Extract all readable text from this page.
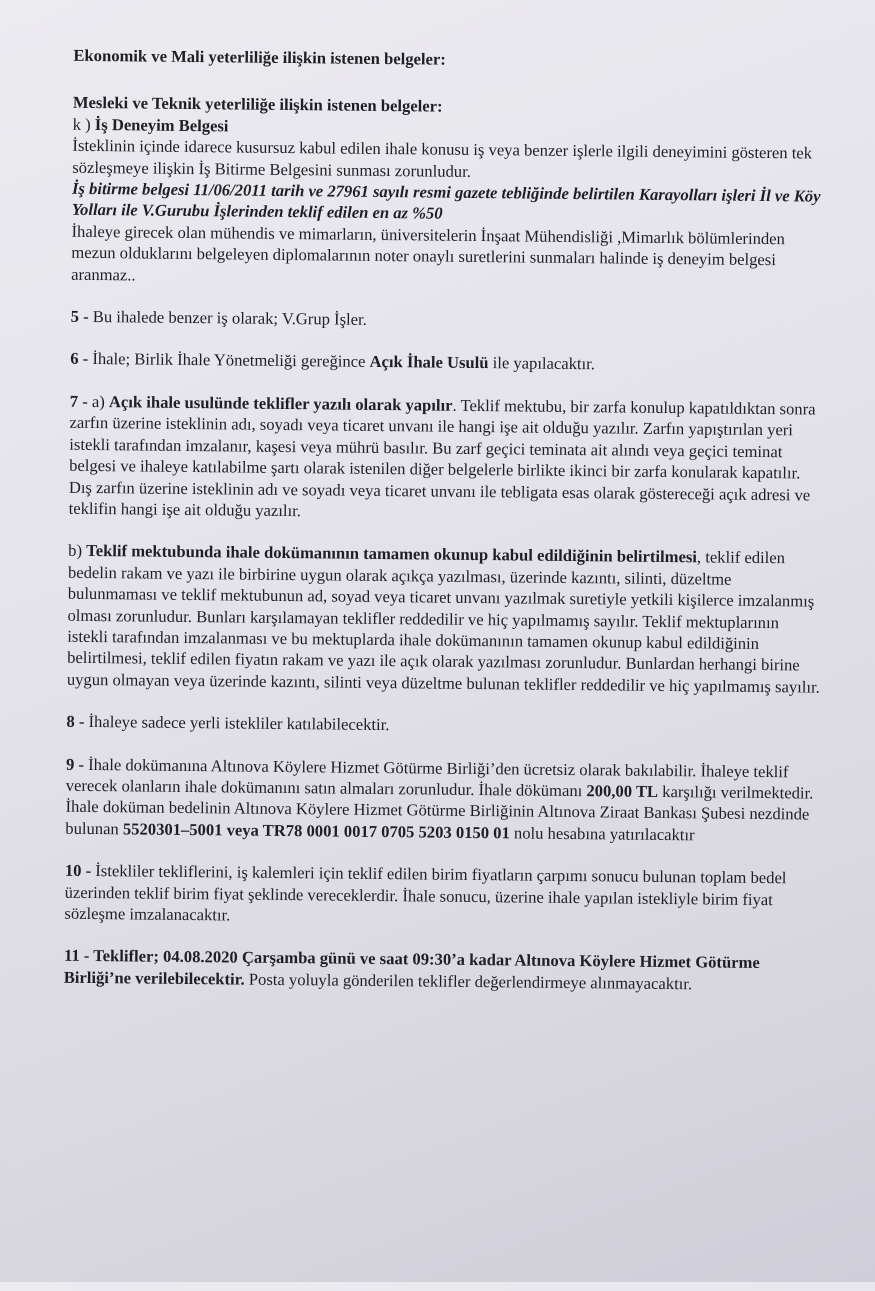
Ekonomik ve Mali yeterliliğe ilişkin istenen belgeler:

Mesleki ve Teknik yeterliliğe ilişkin istenen belgeler:

k ) İş Deneyim Belgesi

İsteklinin içinde idarece kusursuz kabul edilen ihale konusu iş veya benzer işlerle ilgili deneyimini gösteren tek sözleşmeye ilişkin İş Bitirme Belgesini sunması zorunludur.

İş bitirme belgesi 11/06/2011 tarih ve 27961 sayılı resmi gazete tebliğinde belirtilen Karayolları işleri İl ve Köy Yolları ile V.Gurubu İşlerinden teklif edilen en az %50

İhaleye girecek olan mühendis ve mimarların, üniversitelerin İnşaat Mühendisliği ,Mimarlık bölümlerinden mezun olduklarını belgeleyen diplomalarının noter onaylı suretlerini sunmaları halinde iş deneyim belgesi aranmaz..

5 - Bu ihalede benzer iş olarak; V.Grup İşler.

6 - İhale; Birlik İhale Yönetmeliği gereğince Açık İhale Usulü ile yapılacaktır.

7 - a) Açık ihale usulünde teklifler yazılı olarak yapılır. Teklif mektubu, bir zarfa konulup kapatıldıktan sonra zarfın üzerine isteklinin adı, soyadı veya ticaret unvanı ile hangi işe ait olduğu yazılır. Zarfın yapıştırılan yeri istekli tarafından imzalanır, kaşesi veya mührü basılır. Bu zarf geçici teminata ait alındı veya geçici teminat belgesi ve ihaleye katılabilme şartı olarak istenilen diğer belgelerle birlikte ikinci bir zarfa konularak kapatılır. Dış zarfın üzerine isteklinin adı ve soyadı veya ticaret unvanı ile tebligata esas olarak göstereceği açık adresi ve teklifin hangi işe ait olduğu yazılır.

b) Teklif mektubunda ihale dokümanının tamamen okunup kabul edildiğinin belirtilmesi, teklif edilen bedelin rakam ve yazı ile birbirine uygun olarak açıkça yazılması, üzerinde kazıntı, silinti, düzeltme bulunmaması ve teklif mektubunun ad, soyad veya ticaret unvanı yazılmak suretiyle yetkili kişilerce imzalanmış olması zorunludur. Bunları karşılamayan teklifler reddedilir ve hiç yapılmamış sayılır. Teklif mektuplarının istekli tarafından imzalanması ve bu mektuplarda ihale dokümanının tamamen okunup kabul edildiğinin belirtilmesi, teklif edilen fiyatın rakam ve yazı ile açık olarak yazılması zorunludur. Bunlardan herhangi birine uygun olmayan veya üzerinde kazıntı, silinti veya düzeltme bulunan teklifler reddedilir ve hiç yapılmamış sayılır.

8 - İhaleye sadece yerli istekliler katılabilecektir.

9 - İhale dokümanına Altınova Köylere Hizmet Götürme Birliği’den ücretsiz olarak bakılabilir. İhaleye teklif verecek olanların ihale dokümanını satın almaları zorunludur. İhale dökümanı 200,00 TL karşılığı verilmektedir. İhale doküman bedelinin Altınova Köylere Hizmet Götürme Birliğinin Altınova Ziraat Bankası Şubesi nezdinde bulunan 5520301–5001 veya TR78 0001 0017 0705 5203 0150 01 nolu hesabına yatırılacaktır

10 - İstekliler tekliflerini, iş kalemleri için teklif edilen birim fiyatların çarpımı sonucu bulunan toplam bedel üzerinden teklif birim fiyat şeklinde vereceklerdir. İhale sonucu, üzerine ihale yapılan istekliyle birim fiyat sözleşme imzalanacaktır.

11 - Teklifler; 04.08.2020 Çarşamba günü ve saat 09:30’a kadar Altınova Köylere Hizmet Götürme Birliği’ne verilebilecektir. Posta yoluyla gönderilen teklifler değerlendirmeye alınmayacaktır.
